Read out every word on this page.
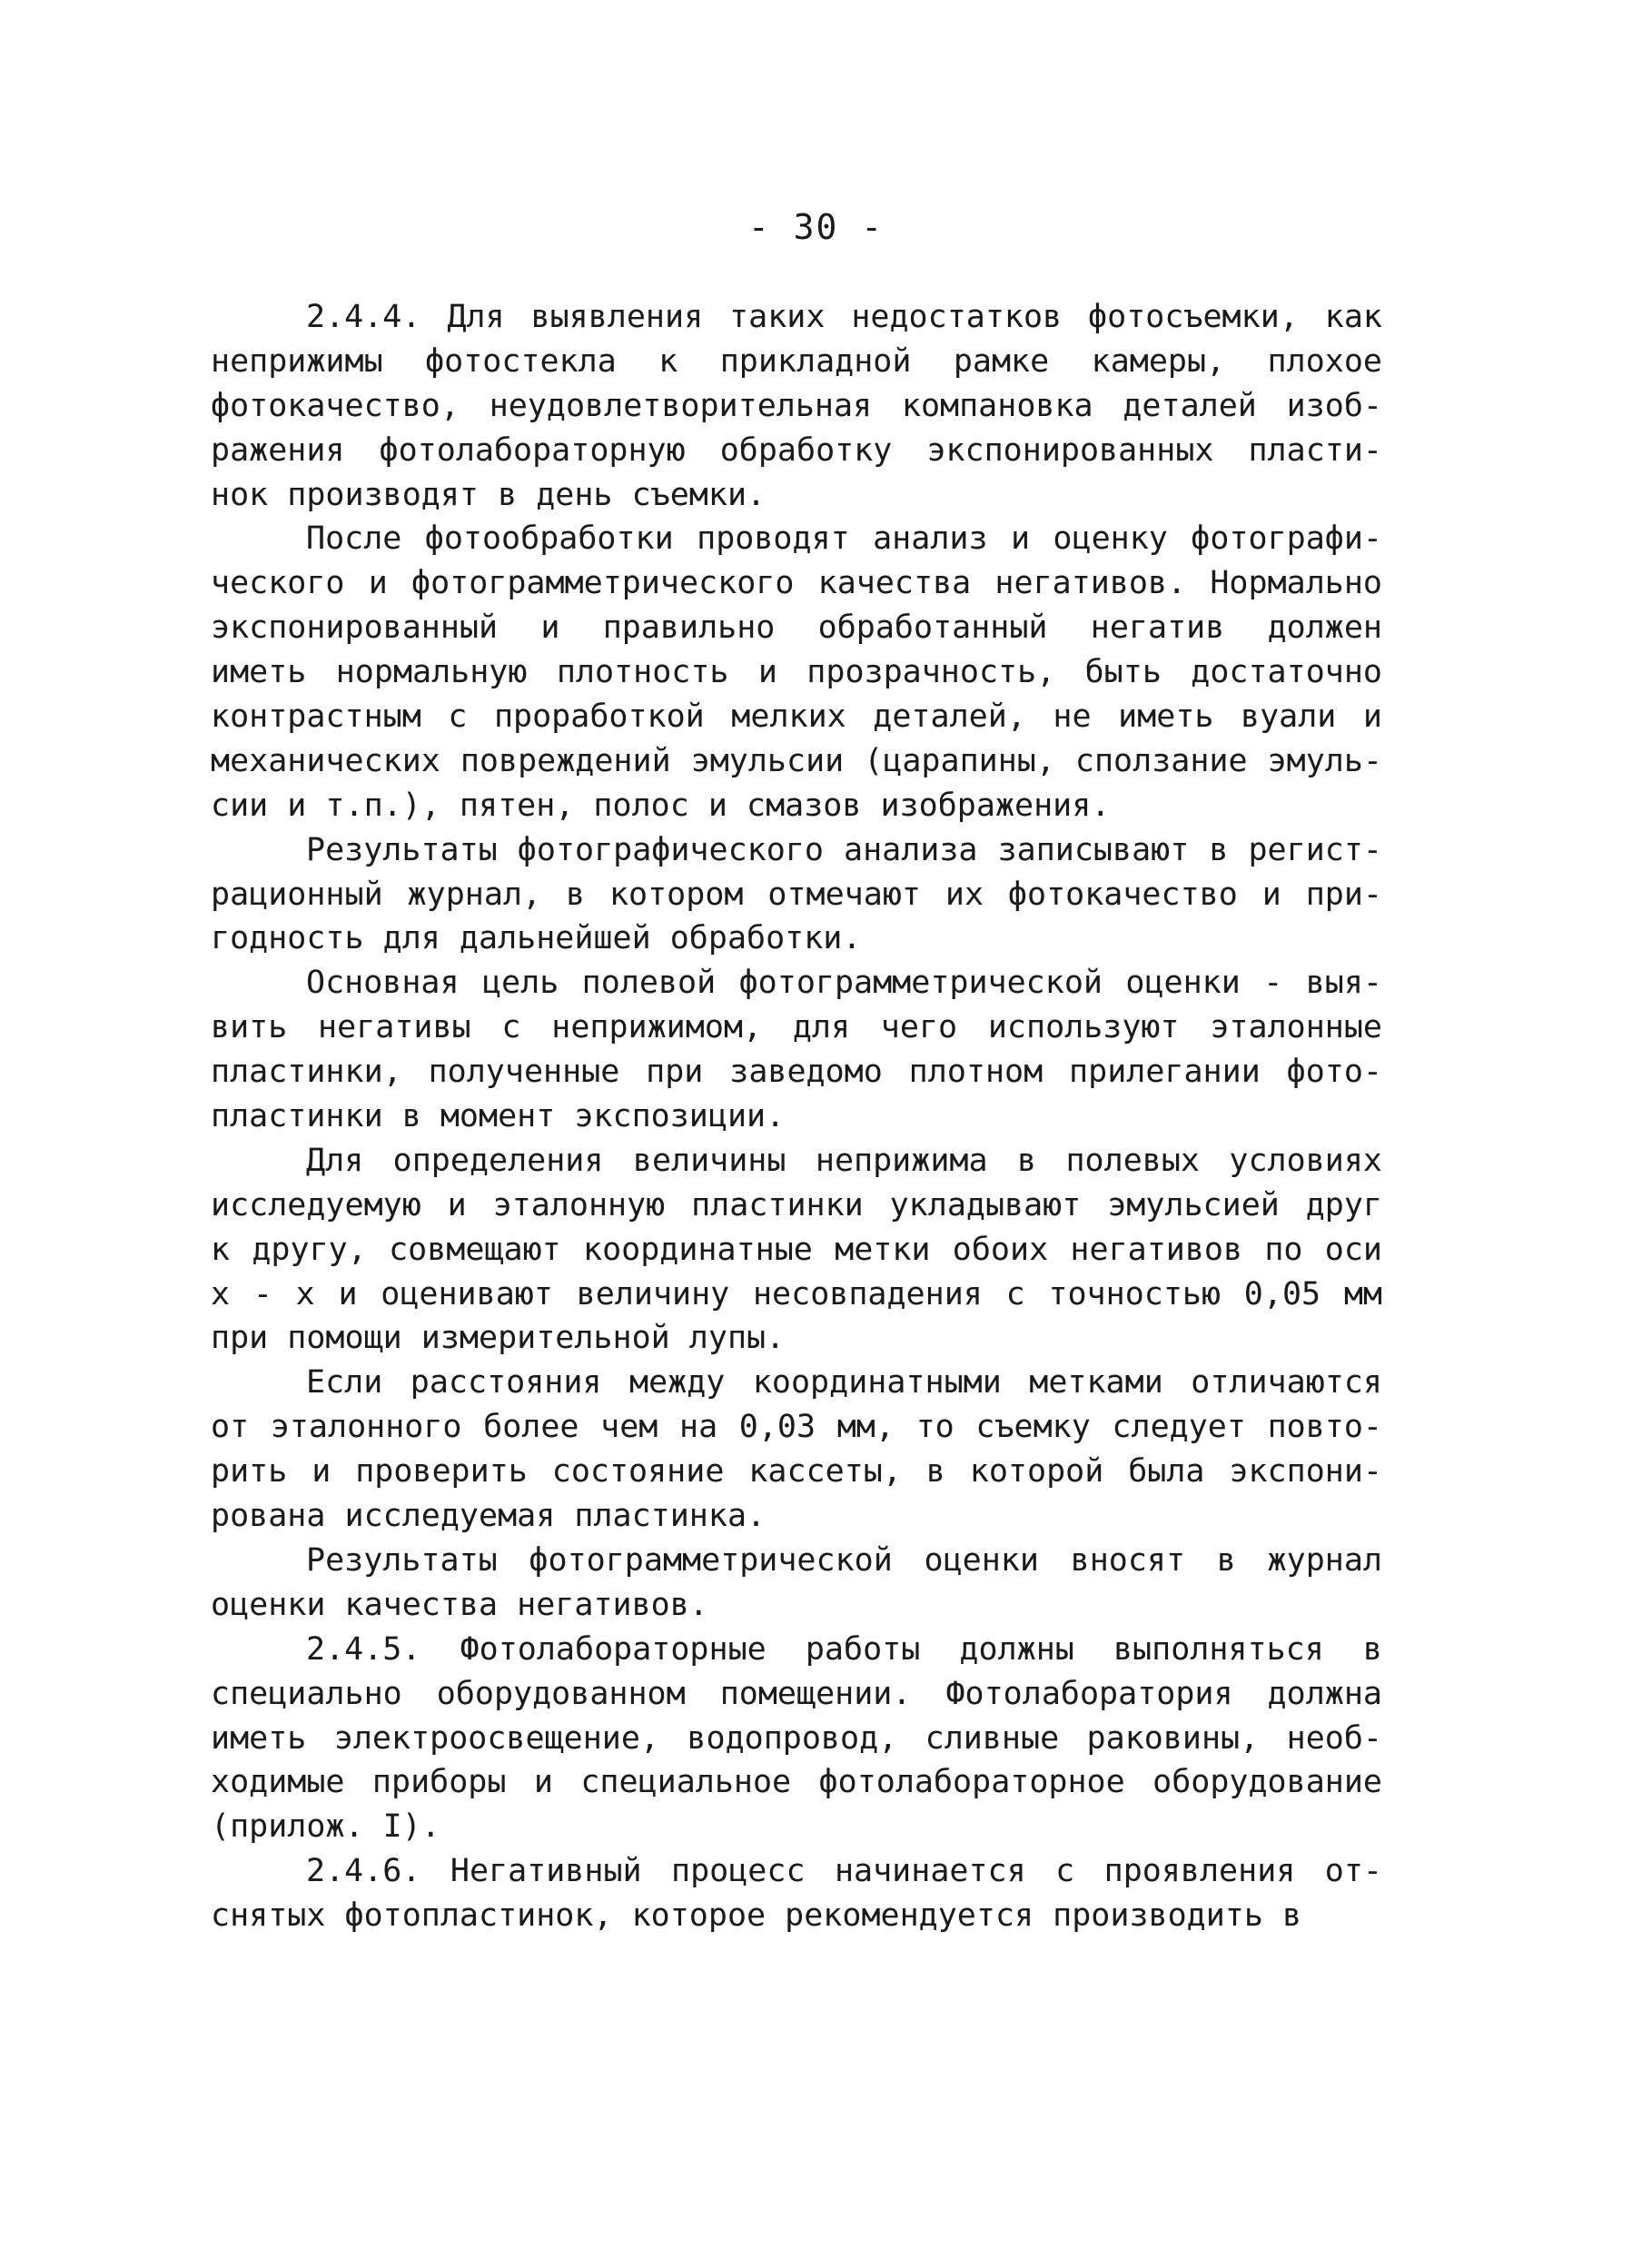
- 30 -
2.4.4. Для выявления таких недостатков фотосъемки, как
неприжимы фотостекла к прикладной рамке камеры, плохое
фотокачество, неудовлетворительная компановка деталей изоб-
ражения фотолабораторную обработку экспонированных пласти-
нок производят в день съемки.
После фотообработки проводят анализ и оценку фотографи-
ческого и фотограмметрического качества негативов. Нормально
экспонированный и правильно обработанный негатив должен
иметь нормальную плотность и прозрачность, быть достаточно
контрастным с проработкой мелких деталей, не иметь вуали и
механических повреждений эмульсии (царапины, сползание эмуль-
сии и т.п.), пятен, полос и смазов изображения.
Результаты фотографического анализа записывают в регист-
рационный журнал, в котором отмечают их фотокачество и при-
годность для дальнейшей обработки.
Основная цель полевой фотограмметрической оценки - выя-
вить негативы с неприжимом, для чего используют эталонные
пластинки, полученные при заведомо плотном прилегании фото-
пластинки в момент экспозиции.
Для определения величины неприжима в полевых условиях
исследуемую и эталонную пластинки укладывают эмульсией друг
к другу, совмещают координатные метки обоих негативов по оси
х - х и оценивают величину несовпадения с точностью 0,05 мм
при помощи измерительной лупы.
Если расстояния между координатными метками отличаются
от эталонного более чем на 0,03 мм, то съемку следует повто-
рить и проверить состояние кассеты, в которой была экспони-
рована исследуемая пластинка.
Результаты фотограмметрической оценки вносят в журнал
оценки качества негативов.
2.4.5. Фотолабораторные работы должны выполняться в
специально оборудованном помещении. Фотолаборатория должна
иметь электроосвещение, водопровод, сливные раковины, необ-
ходимые приборы и специальное фотолабораторное оборудование
(прилож. I).
2.4.6. Негативный процесс начинается с проявления от-
снятых фотопластинок, которое рекомендуется производить в
